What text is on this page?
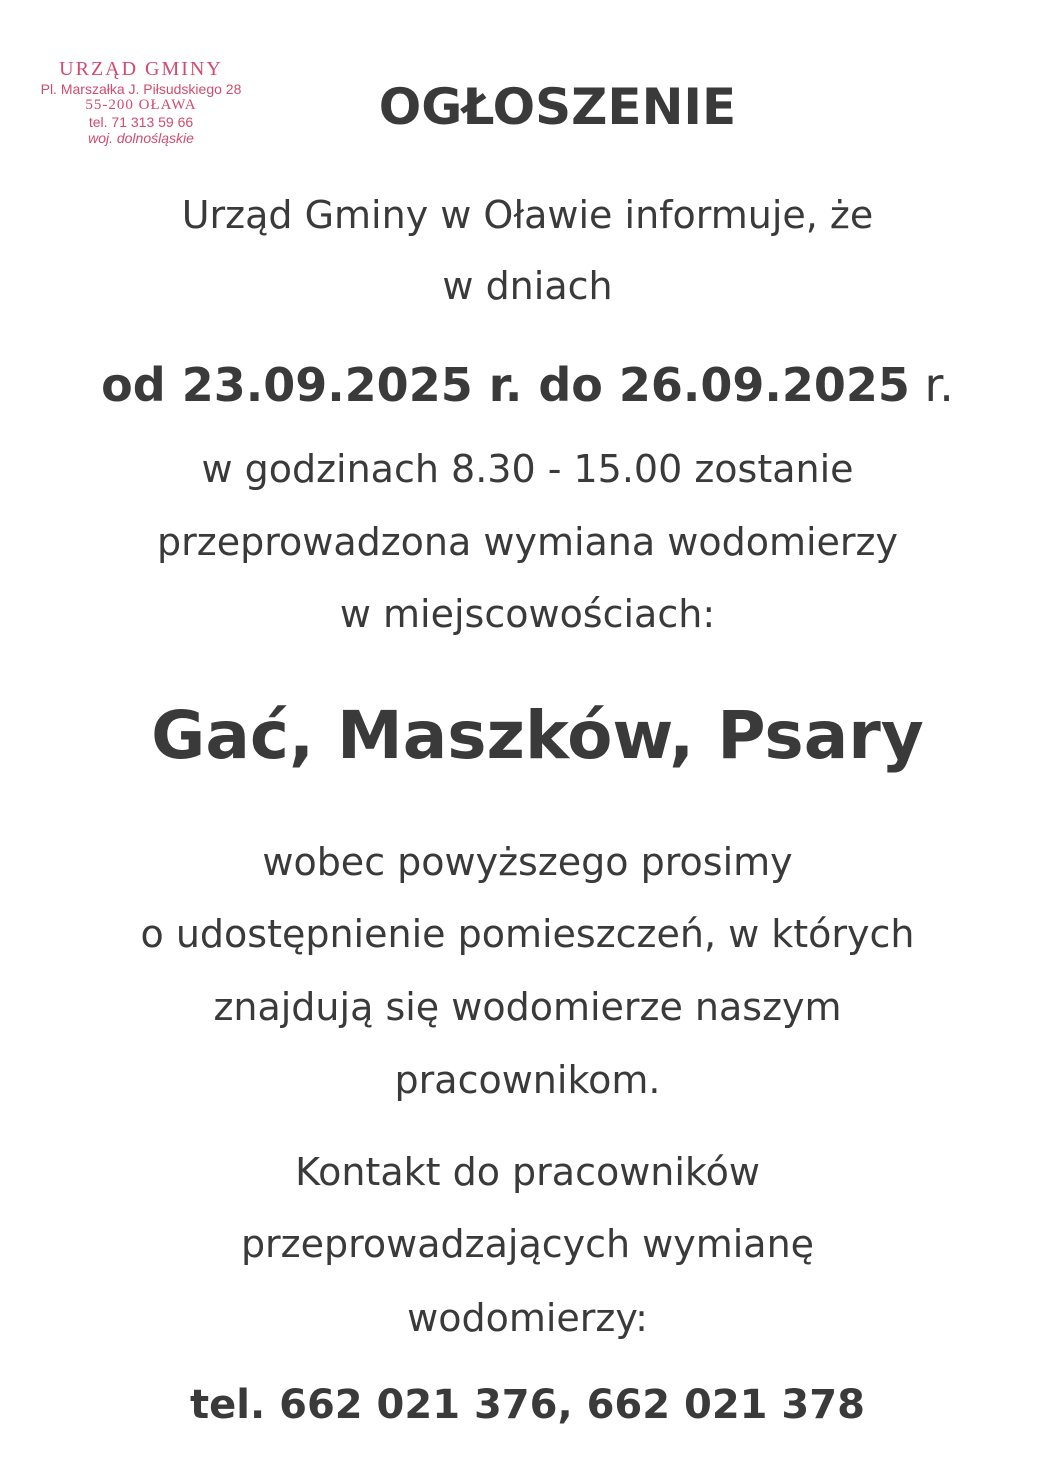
URZĄD GMINY
Pl. Marszałka J. Piłsudskiego 28
55-200 OŁAWA
tel. 71 313 59 66
woj. dolnośląskie
OGŁOSZENIE
Urząd Gminy w Oławie informuje, że
w dniach
od 23.09.2025 r. do 26.09.2025 r.
w godzinach 8.30 - 15.00 zostanie
przeprowadzona wymiana wodomierzy
w miejscowościach:
Gać, Maszków, Psary
wobec powyższego prosimy
o udostępnienie pomieszczeń, w których
znajdują się wodomierze naszym
pracownikom.
Kontakt do pracowników
przeprowadzających wymianę
wodomierzy:
tel. 662 021 376, 662 021 378
